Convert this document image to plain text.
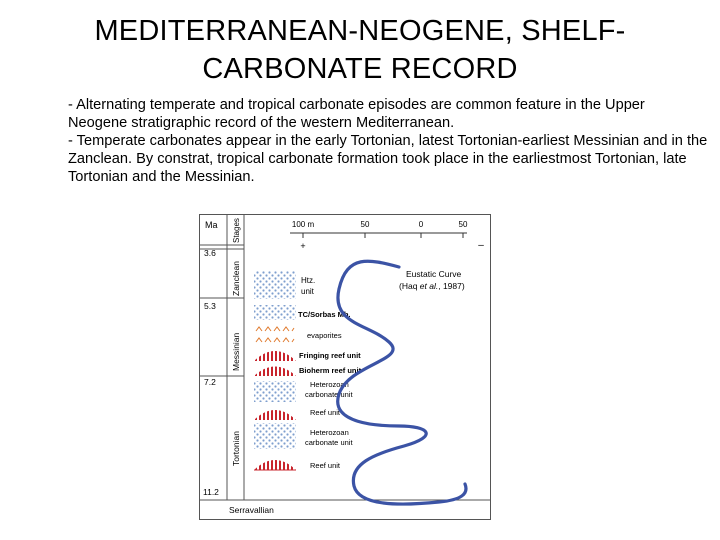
MEDITERRANEAN-NEOGENE, SHELF-
CARBONATE RECORD

- Alternating temperate and tropical carbonate episodes are common feature in the Upper Neogene stratigraphic record of the western Mediterranean.

- Temperate carbonates appear in the early Tortonian, latest Tortonian-earliest Messinian and in the Zanclean. By constrat, tropical carbonate formation took place in the earliestmost Tortonian, late Tortonian and the Messinian.

Ma Stages
3.6
5.3
7.2
11.2
Zanclean
Messinian
Tortonian
Serravallian
100 m	50	0	50
+	–
Htz.
unit
TC/Sorbas Mb.
evaporites
Fringing reef unit
Bioherm reef unit
Heterozoan
carbonate unit
Reef unit
Heterozoan
carbonate unit
Reef unit
Eustatic Curve
(Haq et al., 1987)
